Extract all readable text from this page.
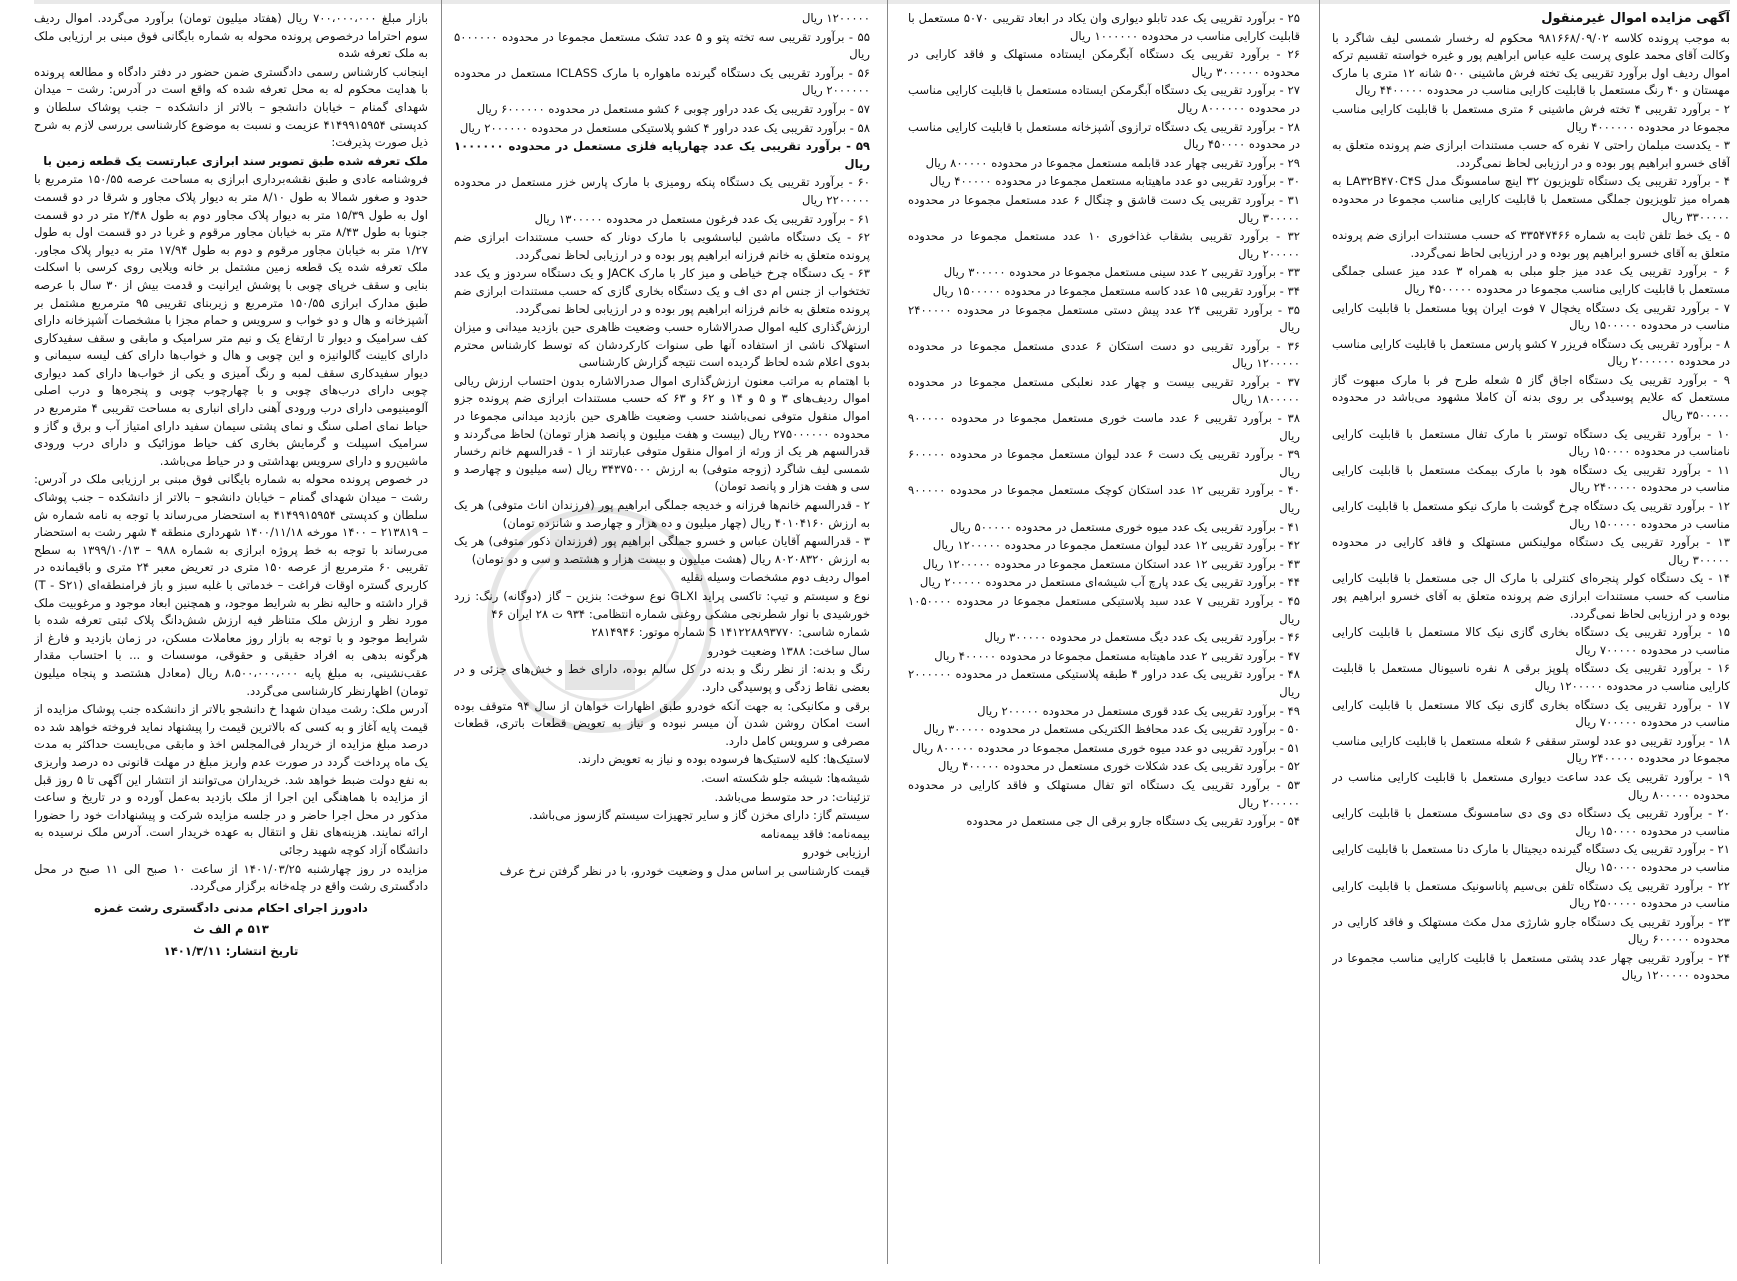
آگهی مزایده اموال غیرمنقول
به موجب پرونده کلاسه ۹۸۱۶۶۸/۰۹/۰۲ محکوم له رخسار شمسی لیف شاگرد با وکالت آقای محمد علوی پرست علیه عباس ابراهیم پور و غیره خواسته تقسیم ترکه اموال ردیف اول برآورد تقریبی یک تخته فرش ماشینی ۵۰۰ شانه ۱۲ متری با مارک مهستان و ۴۰ رنگ مستعمل با قابلیت کارایی مناسب در محدوده ۴۴۰۰۰۰۰ ریال
۲ - برآورد تقریبی ۴ تخته فرش ماشینی ۶ متری مستعمل با قابلیت کارایی مناسب مجموعا در محدوده ۴۰۰۰۰۰۰ ریال
۳ - یکدست مبلمان راحتی ۷ نفره که حسب مستندات ابرازی ضم پرونده متعلق به آقای خسرو ابراهیم پور بوده و در ارزیابی لحاظ نمی‌گردد.
۴ - برآورد تقریبی یک دستگاه تلویزیون ۳۲ اینچ سامسونگ مدل LA۳۲B۴۷۰C۴S به همراه میز تلویزیون جملگی مستعمل با قابلیت کارایی مناسب مجموعا در محدوده ۳۳۰۰۰۰۰ ریال
۵ - یک خط تلفن ثابت به شماره ۳۳۵۴۷۴۶۶ که حسب مستندات ابرازی ضم پرونده متعلق به آقای خسرو ابراهیم پور بوده و در ارزیابی لحاظ نمی‌گردد.
۶ - برآورد تقریبی یک عدد میز جلو مبلی به همراه ۳ عدد میز عسلی جملگی مستعمل با قابلیت کارایی مناسب مجموعا در محدوده ۴۵۰۰۰۰۰ ریال
۷ - برآورد تقریبی یک دستگاه یخچال ۷ فوت ایران پویا مستعمل با قابلیت کارایی مناسب در محدوده ۱۵۰۰۰۰۰ ریال
۸ - برآورد تقریبی یک دستگاه فریزر ۷ کشو پارس مستعمل با قابلیت کارایی مناسب در محدوده ۲۰۰۰۰۰۰ ریال
۹ - برآورد تقریبی یک دستگاه اجاق گاز ۵ شعله طرح فر با مارک مبهوت گاز مستعمل که علایم پوسیدگی بر روی بدنه آن کاملا مشهود می‌باشد در محدوده ۳۵۰۰۰۰۰ ریال
۱۰ - برآورد تقریبی یک دستگاه توستر با مارک تفال مستعمل با قابلیت کارایی نامناسب در محدوده ۱۵۰۰۰۰ ریال
۱۱ - برآورد تقریبی یک دستگاه هود با مارک بیمکث مستعمل با قابلیت کارایی مناسب در محدوده ۲۴۰۰۰۰۰ ریال
۱۲ - برآورد تقریبی یک دستگاه چرخ گوشت با مارک نیکو مستعمل با قابلیت کارایی مناسب در محدوده ۱۵۰۰۰۰۰ ریال
۱۳ - برآورد تقریبی یک دستگاه مولینکس مستهلک و فاقد کارایی در محدوده ۳۰۰۰۰۰ ریال
۱۴ - یک دستگاه کولر پنجره‌ای کنترلی با مارک ال جی مستعمل با قابلیت کارایی مناسب که حسب مستندات ابرازی ضم پرونده متعلق به آقای خسرو ابراهیم پور بوده و در ارزیابی لحاظ نمی‌گردد.
۱۵ - برآورد تقریبی یک دستگاه بخاری گازی نیک کالا مستعمل با قابلیت کارایی مناسب در محدوده ۷۰۰۰۰۰ ریال
۱۶ - برآورد تقریبی یک دستگاه پلوپز برقی ۸ نفره ناسیونال مستعمل با قابلیت کارایی مناسب در محدوده ۱۲۰۰۰۰۰ ریال
۱۷ - برآورد تقریبی یک دستگاه بخاری گازی نیک کالا مستعمل با قابلیت کارایی مناسب در محدوده ۷۰۰۰۰۰ ریال
۱۸ - برآورد تقریبی دو عدد لوستر سقفی ۶ شعله مستعمل با قابلیت کارایی مناسب مجموعا در محدوده ۲۴۰۰۰۰۰ ریال
۱۹ - برآورد تقریبی یک عدد ساعت دیواری مستعمل با قابلیت کارایی مناسب در محدوده ۸۰۰۰۰۰ ریال
۲۰ - برآورد تقریبی یک دستگاه دی وی دی سامسونگ مستعمل با قابلیت کارایی مناسب در محدوده ۱۵۰۰۰۰ ریال
۲۱ - برآورد تقریبی یک دستگاه گیرنده دیجیتال با مارک دنا مستعمل با قابلیت کارایی مناسب در محدوده ۱۵۰۰۰۰ ریال
۲۲ - برآورد تقریبی یک دستگاه تلفن بی‌سیم پاناسونیک مستعمل با قابلیت کارایی مناسب در محدوده ۲۵۰۰۰۰۰ ریال
۲۳ - برآورد تقریبی یک دستگاه جارو شارژی مدل مکث مستهلک و فاقد کارایی در محدوده ۶۰۰۰۰۰ ریال
۲۴ - برآورد تقریبی چهار عدد پشتی مستعمل با قابلیت کارایی مناسب مجموعا در محدوده ۱۲۰۰۰۰۰ ریال
۲۵ - برآورد تقریبی یک عدد تابلو دیواری وان یکاد در ابعاد تقریبی ۵۰۷۰ مستعمل با قابلیت کارایی مناسب در محدوده ۱۰۰۰۰۰۰ ریال
۲۶ - برآورد تقریبی یک دستگاه آبگرمکن ایستاده مستهلک و فاقد کارایی در محدوده ۳۰۰۰۰۰۰ ریال
۲۷ - برآورد تقریبی یک دستگاه آبگرمکن ایستاده مستعمل با قابلیت کارایی مناسب در محدوده ۸۰۰۰۰۰۰ ریال
۲۸ - برآورد تقریبی یک دستگاه ترازوی آشپزخانه مستعمل با قابلیت کارایی مناسب در محدوده ۴۵۰۰۰۰ ریال
۲۹ - برآورد تقریبی چهار عدد قابلمه مستعمل مجموعا در محدوده ۸۰۰۰۰۰ ریال
۳۰ - برآورد تقریبی دو عدد ماهیتابه مستعمل مجموعا در محدوده ۴۰۰۰۰۰ ریال
۳۱ - برآورد تقریبی یک دست قاشق و چنگال ۶ عدد مستعمل مجموعا در محدوده ۳۰۰۰۰۰ ریال
۳۲ - برآورد تقریبی بشقاب غذاخوری ۱۰ عدد مستعمل مجموعا در محدوده ۲۰۰۰۰۰ ریال
۳۳ - برآورد تقریبی ۲ عدد سینی مستعمل مجموعا در محدوده ۳۰۰۰۰۰ ریال
۳۴ - برآورد تقریبی ۱۵ عدد کاسه مستعمل مجموعا در محدوده ۱۵۰۰۰۰۰ ریال
۳۵ - برآورد تقریبی ۲۴ عدد پیش دستی مستعمل مجموعا در محدوده ۲۴۰۰۰۰۰ ریال
۳۶ - برآورد تقریبی دو دست استکان ۶ عددی مستعمل مجموعا در محدوده ۱۲۰۰۰۰۰ ریال
۳۷ - برآورد تقریبی بیست و چهار عدد نعلبکی مستعمل مجموعا در محدوده ۱۸۰۰۰۰۰ ریال
۳۸ - برآورد تقریبی ۶ عدد ماست خوری مستعمل مجموعا در محدوده ۹۰۰۰۰۰ ریال
۳۹ - برآورد تقریبی یک دست ۶ عدد لیوان مستعمل مجموعا در محدوده ۶۰۰۰۰۰ ریال
۴۰ - برآورد تقریبی ۱۲ عدد استکان کوچک مستعمل مجموعا در محدوده ۹۰۰۰۰۰ ریال
۴۱ - برآورد تقریبی یک عدد میوه خوری مستعمل در محدوده ۵۰۰۰۰۰ ریال
۴۲ - برآورد تقریبی ۱۲ عدد لیوان مستعمل مجموعا در محدوده ۱۲۰۰۰۰۰ ریال
۴۳ - برآورد تقریبی ۱۲ عدد استکان مستعمل مجموعا در محدوده ۱۲۰۰۰۰۰ ریال
۴۴ - برآورد تقریبی یک عدد پارچ آب شیشه‌ای مستعمل در محدوده ۲۰۰۰۰۰ ریال
۴۵ - برآورد تقریبی ۷ عدد سبد پلاستیکی مستعمل مجموعا در محدوده ۱۰۵۰۰۰۰ ریال
۴۶ - برآورد تقریبی یک عدد دیگ مستعمل در محدوده ۳۰۰۰۰۰ ریال
۴۷ - برآورد تقریبی ۲ عدد ماهیتابه مستعمل مجموعا در محدوده ۴۰۰۰۰۰ ریال
۴۸ - برآورد تقریبی یک عدد دراور ۴ طبقه پلاستیکی مستعمل در محدوده ۲۰۰۰۰۰۰ ریال
۴۹ - برآورد تقریبی یک عدد قوری مستعمل در محدوده ۲۰۰۰۰۰ ریال
۵۰ - برآورد تقریبی یک عدد محافظ الکتریکی مستعمل در محدوده ۳۰۰۰۰۰ ریال
۵۱ - برآورد تقریبی دو عدد میوه خوری مستعمل مجموعا در محدوده ۸۰۰۰۰۰ ریال
۵۲ - برآورد تقریبی یک عدد شکلات خوری مستعمل در محدوده ۴۰۰۰۰۰ ریال
۵۳ - برآورد تقریبی یک دستگاه اتو تفال مستهلک و فاقد کارایی در محدوده ۲۰۰۰۰۰ ریال
۵۴ - برآورد تقریبی یک دستگاه جارو برقی ال جی مستعمل در محدوده
۱۲۰۰۰۰۰ ریال
۵۵ - برآورد تقریبی سه تخته پتو و ۵ عدد تشک مستعمل مجموعا در محدوده ۵۰۰۰۰۰۰ ریال
۵۶ - برآورد تقریبی یک دستگاه گیرنده ماهواره با مارک ICLASS مستعمل در محدوده ۲۰۰۰۰۰۰ ریال
۵۷ - برآورد تقریبی یک عدد دراور چوبی ۶ کشو مستعمل در محدوده ۶۰۰۰۰۰۰ ریال
۵۸ - برآورد تقریبی یک عدد دراور ۴ کشو پلاستیکی مستعمل در محدوده ۲۰۰۰۰۰۰ ریال
۵۹ - برآورد تقریبی یک عدد چهارپایه فلزی مستعمل در محدوده ۱۰۰۰۰۰۰ ریال
۶۰ - برآورد تقریبی یک دستگاه پنکه رومیزی با مارک پارس خزر مستعمل در محدوده ۲۲۰۰۰۰۰ ریال
۶۱ - برآورد تقریبی یک عدد فرغون مستعمل در محدوده ۱۳۰۰۰۰۰ ریال
۶۲ - یک دستگاه ماشین لباسشویی با مارک دونار که حسب مستندات ابرازی ضم پرونده متعلق به خانم فرزانه ابراهیم پور بوده و در ارزیابی لحاظ نمی‌گردد.
۶۳ - یک دستگاه چرخ خیاطی و میز کار با مارک JACK و یک دستگاه سردوز و یک عدد تختخواب از جنس ام دی اف و یک دستگاه بخاری گازی که حسب مستندات ابرازی ضم پرونده متعلق به خانم فرزانه ابراهیم پور بوده و در ارزیابی لحاظ نمی‌گردد.
ارزش‌گذاری کلیه اموال صدرالاشاره حسب وضعیت ظاهری حین بازدید میدانی و میزان استهلاک ناشی از استفاده آنها طی سنوات کارکردشان که توسط کارشناس محترم بدوی اعلام شده لحاظ گردیده است نتیجه گزارش کارشناسی
با اهتمام به مراتب معنون ارزش‌گذاری اموال صدرالاشاره بدون احتساب ارزش ریالی اموال ردیف‌های ۳ و ۵ و ۱۴ و ۶۲ و ۶۳ که حسب مستندات ابرازی ضم پرونده جزو اموال منقول متوفی نمی‌باشند حسب وضعیت ظاهری حین بازدید میدانی مجموعا در محدوده ۲۷۵۰۰۰۰۰۰ ریال (بیست و هفت میلیون و پانصد هزار تومان) لحاظ می‌گردند و قدرالسهم هر یک از ورثه از اموال منقول متوفی عبارتند از ۱ - قدرالسهم خانم رخسار شمسی لیف شاگرد (زوجه متوفی) به ارزش ۳۴۳۷۵۰۰۰ ریال (سه میلیون و چهارصد و سی و هفت هزار و پانصد تومان)
۲ - قدرالسهم خانم‌ها فرزانه و خدیجه جملگی ابراهیم پور (فرزندان اناث متوفی) هر یک به ارزش ۴۰۱۰۴۱۶۰ ریال (چهار میلیون و ده هزار و چهارصد و شانزده تومان)
۳ - قدرالسهم آقایان عباس و خسرو جملگی ابراهیم پور (فرزندان ذکور متوفی) هر یک به ارزش ۸۰۲۰۸۳۲۰ ریال (هشت میلیون و بیست هزار و هشتصد و سی و دو تومان)
اموال ردیف دوم مشخصات وسیله نقلیه
نوع و سیستم و تیپ: تاکسی پراید GLXI نوع سوخت: بنزین – گاز (دوگانه) رنگ: زرد خورشیدی با نوار شطرنجی مشکی روغنی شماره انتظامی: ۹۳۴ ت ۲۸ ایران ۴۶
شماره شاسی: S ۱۴۱۲۲۸۸۹۳۷۷۰ شماره موتور: ۲۸۱۴۹۴۶
سال ساخت: ۱۳۸۸ وضعیت خودرو
رنگ و بدنه: از نظر رنگ و بدنه در کل سالم بوده، دارای خط و خش‌های جزئی و در بعضی نقاط زدگی و پوسیدگی دارد.
برقی و مکانیکی: به جهت آنکه خودرو طبق اظهارات خواهان از سال ۹۴ متوقف بوده است امکان روشن شدن آن میسر نبوده و نیاز به تعویض قطعات باتری، قطعات مصرفی و سرویس کامل دارد.
لاستیک‌ها: کلیه لاستیک‌ها فرسوده بوده و نیاز به تعویض دارند.
شیشه‌ها: شیشه جلو شکسته است.
تزئینات: در حد متوسط می‌باشد.
سیستم گاز: دارای مخزن گاز و سایر تجهیزات سیستم گازسوز می‌باشد.
بیمه‌نامه: فاقد بیمه‌نامه
ارزیابی خودرو
قیمت کارشناسی بر اساس مدل و وضعیت خودرو، با در نظر گرفتن نرخ عرف
بازار مبلغ ۷۰۰،۰۰۰،۰۰۰ ریال (هفتاد میلیون تومان) برآورد می‌گردد. اموال ردیف سوم احتراما درخصوص پرونده محوله به شماره بایگانی فوق مبنی بر ارزیابی ملک به ملک تعرفه شده
اینجانب کارشناس رسمی دادگستری ضمن حضور در دفتر دادگاه و مطالعه پرونده با هدایت محکوم له به محل تعرفه شده که واقع است در آدرس: رشت – میدان شهدای گمنام – خیابان دانشجو – بالاتر از دانشکده – جنب پوشاک سلطان و کدپستی ۴۱۴۹۹۱۵۹۵۴ عزیمت و نسبت به موضوع کارشناسی بررسی لازم به شرح ذیل صورت پذیرفت:
ملک تعرفه شده طبق تصویر سند ابرازی عبارتست یک قطعه زمین با
فروشنامه عادی و طبق نقشه‌برداری ابرازی به مساحت عرصه ۱۵۰/۵۵ مترمربع با حدود و صغور شمالا به طول ۸/۱۰ متر به دیوار پلاک مجاور و شرقا در دو قسمت اول به طول ۱۵/۳۹ متر به دیوار پلاک مجاور دوم به طول ۲/۴۸ متر در دو قسمت جنوبا به طول ۸/۴۳ متر به خیابان مجاور مرقوم و غربا در دو قسمت اول به طول ۱/۲۷ متر به خیابان مجاور مرقوم و دوم به طول ۱۷/۹۴ متر به دیوار پلاک مجاور. ملک تعرفه شده یک قطعه زمین مشتمل بر خانه ویلایی روی کرسی با اسکلت بنایی و سقف خرپای چوبی با پوشش ایرانیت و قدمت بیش از ۳۰ سال با عرصه طبق مدارک ابرازی ۱۵۰/۵۵ مترمربع و زیربنای تقریبی ۹۵ مترمربع مشتمل بر آشپزخانه و هال و دو خواب و سرویس و حمام مجزا با مشخصات آشپزخانه دارای کف سرامیک و دیوار تا ارتفاع یک و نیم متر سرامیک و مابقی و سقف سفیدکاری دارای کابینت گالوانیزه و این چوبی و هال و خواب‌ها دارای کف لیسه سیمانی و دیوار سفیدکاری سقف لمبه و رنگ آمیزی و یکی از خواب‌ها دارای کمد دیواری چوبی دارای درب‌های چوبی و با چهارچوب چوبی و پنجره‌ها و درب اصلی آلومینیومی دارای درب ورودی آهنی دارای انباری به مساحت تقریبی ۴ مترمربع در حیاط نمای اصلی سنگ و نمای پشتی سیمان سفید دارای امتیاز آب و برق و گاز و سرامیک اسپیلت و گرمایش بخاری کف حیاط موزائیک و دارای درب ورودی ماشین‌رو و دارای سرویس بهداشتی و در حیاط می‌باشد.
در خصوص پرونده محوله به شماره بایگانی فوق مبنی بر ارزیابی ملک در آدرس: رشت – میدان شهدای گمنام – خیابان دانشجو – بالاتر از دانشکده – جنب پوشاک سلطان و کدپستی ۴۱۴۹۹۱۵۹۵۴ به استحضار می‌رساند با توجه به نامه شماره ش – ۲۱۳۸۱۹ – ۱۴۰۰ مورخه ۱۴۰۰/۱۱/۱۸ شهرداری منطقه ۴ شهر رشت به استحضار می‌رساند با توجه به خط پروژه ابرازی به شماره ۹۸۸ – ۱۳۹۹/۱۰/۱۳ به سطح تقریبی ۶۰ مترمربع از عرصه ۱۵۰ متری در تعریض معبر ۲۴ متری و باقیمانده در کاربری گستره اوقات فراغت – خدماتی با غلبه سبز و باز فرامنطقه‌ای (T - S۲۱) قرار داشته و حالیه نظر به شرایط موجود، و همچنین ابعاد موجود و مرغوبیت ملک مورد نظر و ارزش ملک متناظر فیه ارزش شش‌دانگ پلاک ثبتی تعرفه شده با شرایط موجود و با توجه به بازار روز معاملات مسکن، در زمان بازدید و فارغ از هرگونه بدهی به افراد حقیقی و حقوقی، موسسات و ... با احتساب مقدار عقب‌نشینی، به مبلغ پایه ۸،۵۰۰،۰۰۰،۰۰۰ ریال (معادل هشتصد و پنجاه میلیون تومان) اظهارنظر کارشناسی می‌گردد.
آدرس ملک: رشت میدان شهدا خ دانشجو بالاتر از دانشکده جنب پوشاک مزایده از قیمت پایه آغاز و به کسی که بالاترین قیمت را پیشنهاد نماید فروخته خواهد شد ده درصد مبلغ مزایده از خریدار فی‌المجلس اخذ و مابقی می‌بایست حداکثر به مدت یک ماه پرداخت گردد در صورت عدم واریز مبلغ در مهلت قانونی ده درصد واریزی به نفع دولت ضبط خواهد شد. خریداران می‌توانند از انتشار این آگهی تا ۵ روز قبل از مزایده با هماهنگی این اجرا از ملک بازدید به‌عمل آورده و در تاریخ و ساعت مذکور در محل اجرا حاضر و در جلسه مزایده شرکت و پیشنهادات خود را حضورا ارائه نمایند. هزینه‌های نقل و انتقال به عهده خریدار است. آدرس ملک نرسیده به دانشگاه آزاد کوچه شهید رجائی
مزایده در روز چهارشنبه ۱۴۰۱/۰۳/۲۵ از ساعت ۱۰ صبح الی ۱۱ صبح در محل دادگستری رشت واقع در چله‌خانه برگزار می‌گردد.
دادورز اجرای احکام مدنی دادگستری رشت غمزه
۵۱۳ م الف ث
تاریخ انتشار: ۱۴۰۱/۳/۱۱
